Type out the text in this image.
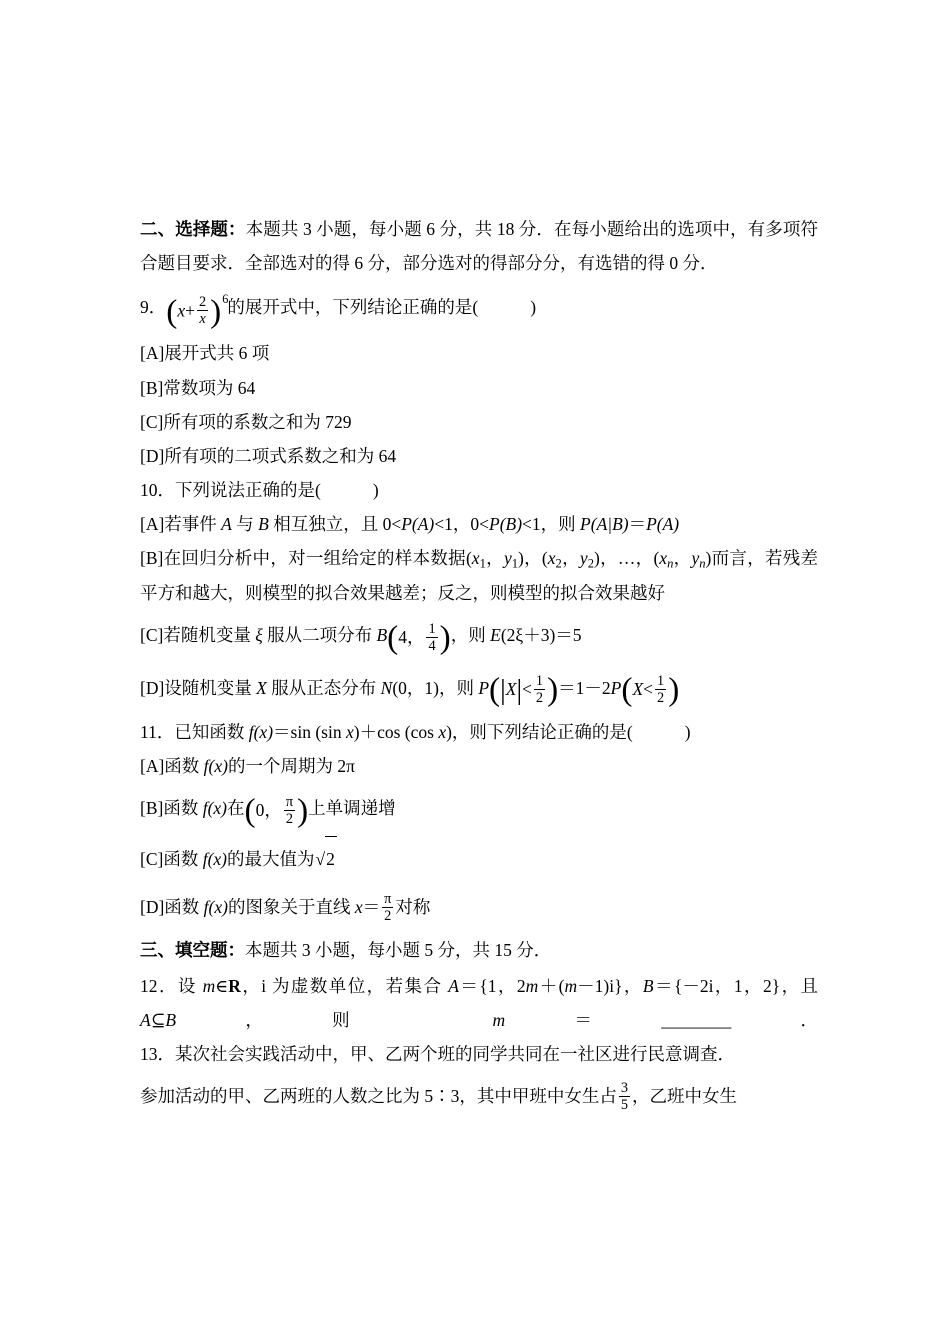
二、选择题：本题共 3 小题，每小题 6 分，共 18 分．在每小题给出的选项中，有多项符合题目要求．全部选对的得 6 分，部分选对的得部分分，有选错的得 0 分．

9．$(x+ \frac{2}{x} )^6$的展开式中，下列结论正确的是(	)

[A]展开式共 6 项

[B]常数项为 64

[C]所有项的系数之和为 729

[D]所有项的二项式系数之和为 64

10．下列说法正确的是(	)

[A]若事件 A 与 B 相互独立，且 0<P(A)<1，0<P(B)<1，则 P(A|B)＝P(A)

[B]在回归分析中，对一组给定的样本数据($x_1$，$y_1$)，($x_2$，$y_2$)，…，($x_n$，$y_n$)而言，若残差平方和越大，则模型的拟合效果越差；反之，则模型的拟合效果越好

[C]若随机变量 ξ 服从二项分布 B(4， $\frac{1}{4}$ )，则 E(2ξ＋3)＝5

[D]设随机变量 X 服从正态分布 N(0，1)，则 $P(|X|< \frac{1}{2} )=1-2P(X< \frac{1}{2}$ )

11．已知函数 f(x)＝sin (sin x)＋cos (cos x)，则下列结论正确的是(	)

[A]函数 f(x)的一个周期为 2π

[B]函数 f(x)在(0， $\frac{\pi}{2}$ )上单调递增

[C]函数 f(x)的最大值为√2

[D]函数 f(x)的图象关于直线 $x= \frac{\pi}{2}$ 对称

三、填空题：本题共 3 小题，每小题 5 分，共 15 分．

12．设 m∈R，i 为虚数单位，若集合 A＝{1，2m＋(m－1)i}，B＝{－2i，1，2}，且 A⊆B，则 m＝________．

13．某次社会实践活动中，甲、乙两个班的同学共同在一社区进行民意调查．

参加活动的甲、乙两班的人数之比为 5∶3，其中甲班中女生占 $\frac{3}{5}$ ，乙班中女生
